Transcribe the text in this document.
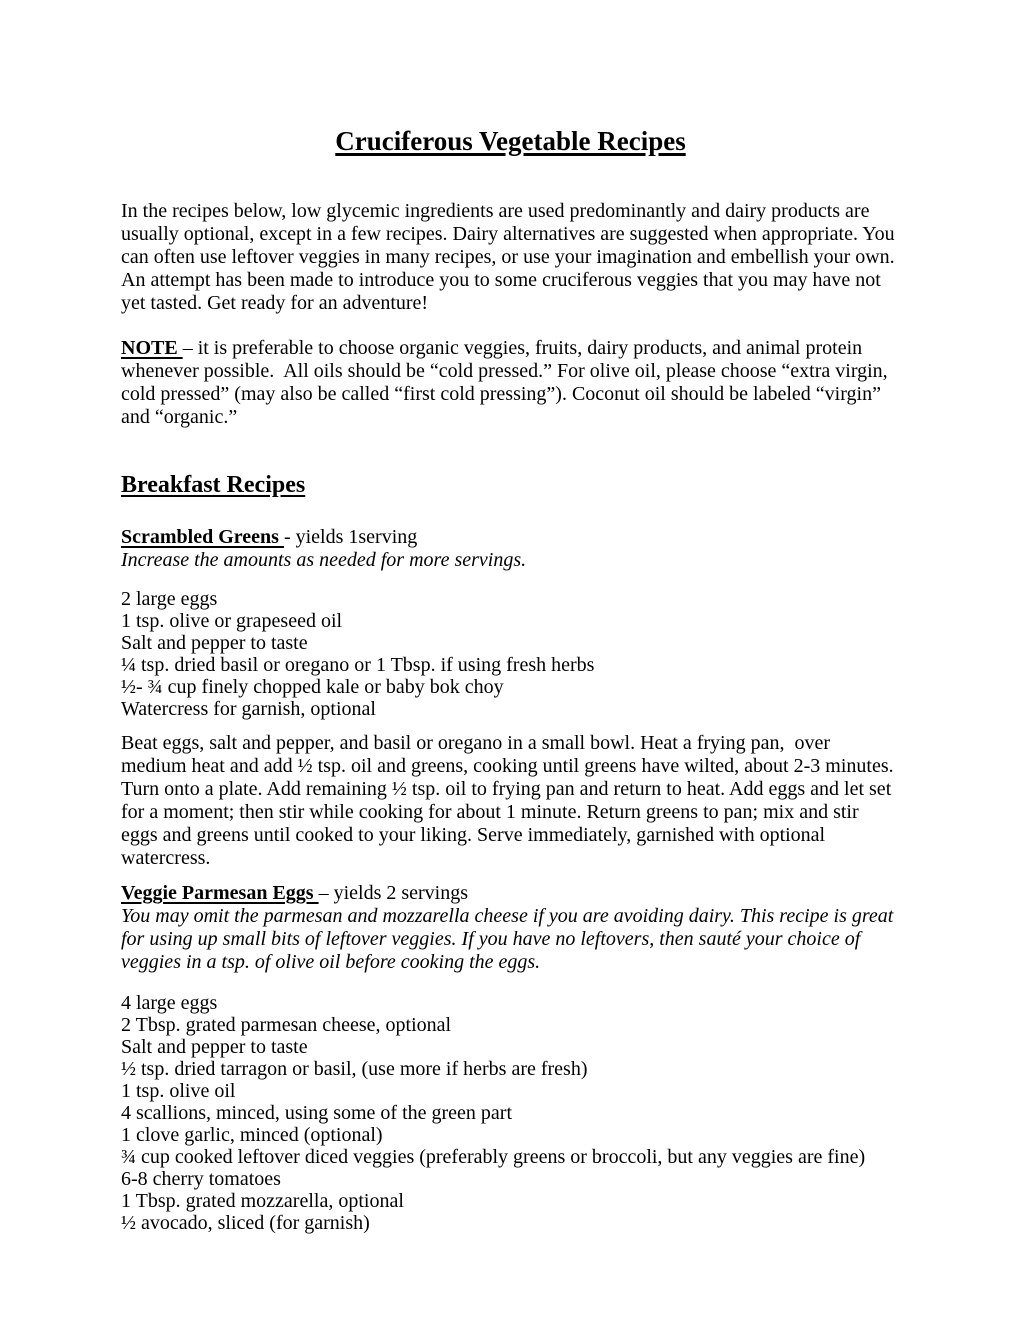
Cruciferous Vegetable Recipes

In the recipes below, low glycemic ingredients are used predominantly and dairy products are usually optional, except in a few recipes. Dairy alternatives are suggested when appropriate. You can often use leftover veggies in many recipes, or use your imagination and embellish your own. An attempt has been made to introduce you to some cruciferous veggies that you may have not yet tasted. Get ready for an adventure!

NOTE – it is preferable to choose organic veggies, fruits, dairy products, and animal protein whenever possible.  All oils should be “cold pressed.” For olive oil, please choose “extra virgin, cold pressed” (may also be called “first cold pressing”). Coconut oil should be labeled “virgin” and “organic.”

Breakfast Recipes

Scrambled Greens - yields 1serving

Increase the amounts as needed for more servings.

2 large eggs
1 tsp. olive or grapeseed oil
Salt and pepper to taste
¼ tsp. dried basil or oregano or 1 Tbsp. if using fresh herbs
½- ¾ cup finely chopped kale or baby bok choy
Watercress for garnish, optional

Beat eggs, salt and pepper, and basil or oregano in a small bowl. Heat a frying pan,  over medium heat and add ½ tsp. oil and greens, cooking until greens have wilted, about 2-3 minutes. Turn onto a plate. Add remaining ½ tsp. oil to frying pan and return to heat. Add eggs and let set for a moment; then stir while cooking for about 1 minute. Return greens to pan; mix and stir eggs and greens until cooked to your liking. Serve immediately, garnished with optional watercress.

Veggie Parmesan Eggs – yields 2 servings

You may omit the parmesan and mozzarella cheese if you are avoiding dairy. This recipe is great for using up small bits of leftover veggies. If you have no leftovers, then sauté your choice of veggies in a tsp. of olive oil before cooking the eggs.

4 large eggs
2 Tbsp. grated parmesan cheese, optional
Salt and pepper to taste
½ tsp. dried tarragon or basil, (use more if herbs are fresh)
1 tsp. olive oil
4 scallions, minced, using some of the green part
1 clove garlic, minced (optional)
¾ cup cooked leftover diced veggies (preferably greens or broccoli, but any veggies are fine)
6-8 cherry tomatoes
1 Tbsp. grated mozzarella, optional
½ avocado, sliced (for garnish)
